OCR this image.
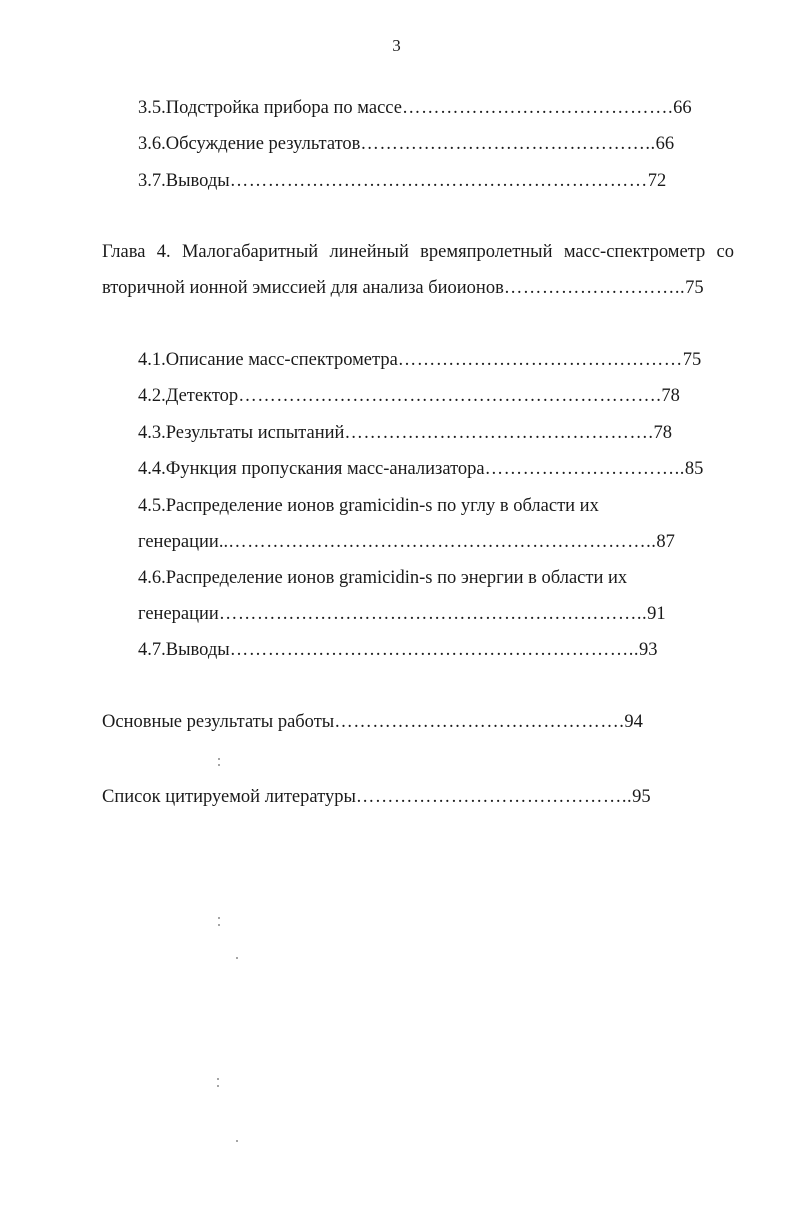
3
3.5.Подстройка прибора по массе…………………………………….66
3.6.Обсуждение результатов………………………………………..66
3.7.Выводы…………………………………………………………72
Глава 4. Малогабаритный линейный времяпролетный масс-спектрометр со
вторичной ионной эмиссией для анализа биоионов………………………..75
4.1.Описание масс-спектрометра………………………………………75
4.2.Детектор………………………………………………………….78
4.3.Результаты испытаний………………………………………….78
4.4.Функция пропускания масс-анализатора…………………………..85
4.5.Распределение ионов gramicidin-s по углу в области их
генерации..…………………………………………………………..87
4.6.Распределение ионов gramicidin-s по энергии в области их
генерации…………………………………………………………..91
4.7.Выводы………………………………………………………..93
Основные результаты работы……………………………………….94
Список цитируемой литературы……………………………………..95
